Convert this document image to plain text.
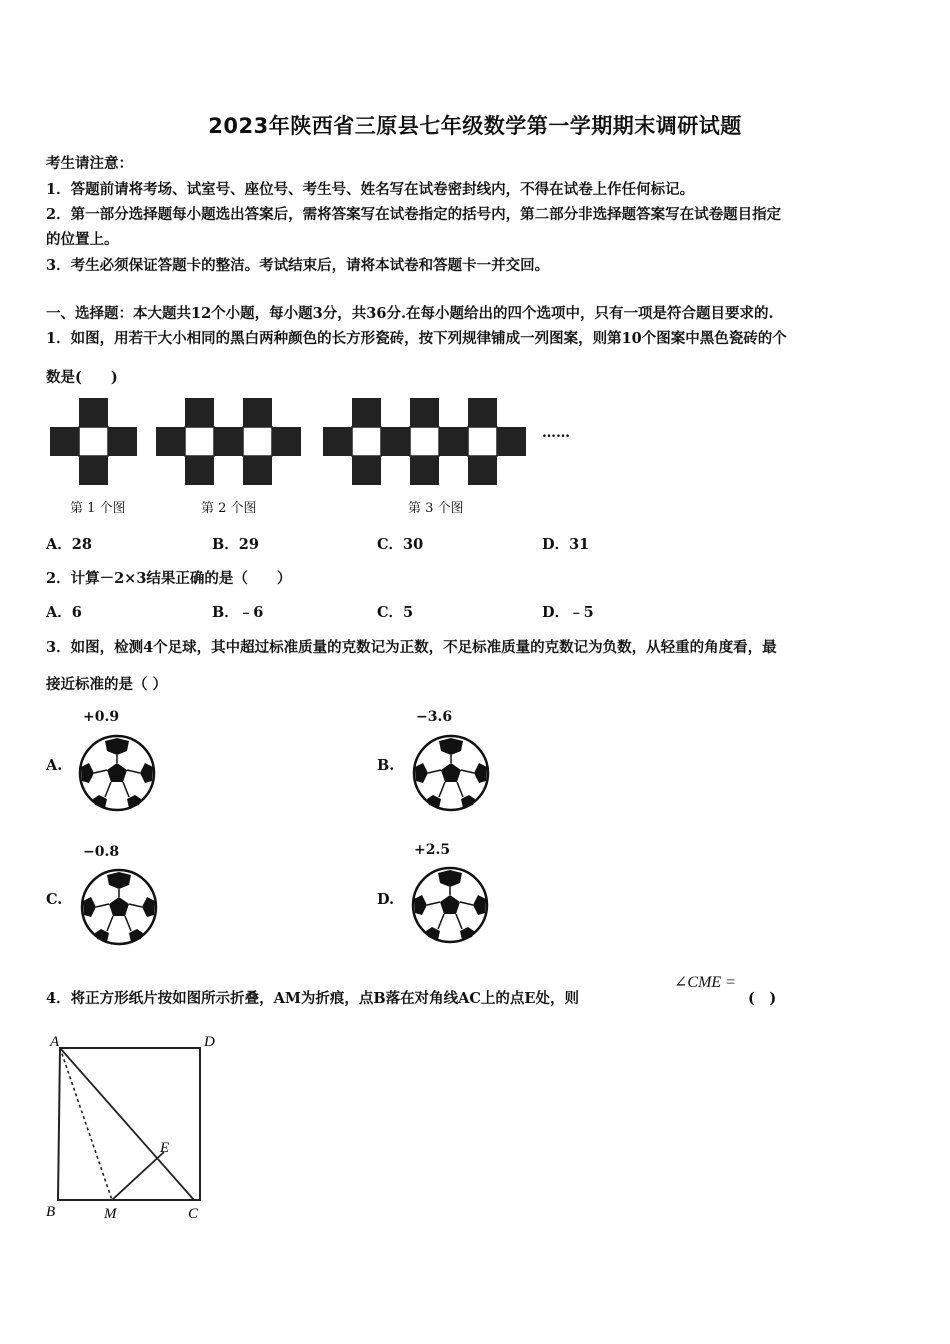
2023年陕西省三原县七年级数学第一学期期末调研试题
考生请注意：
1．答题前请将考场、试室号、座位号、考生号、姓名写在试卷密封线内，不得在试卷上作任何标记。
2．第一部分选择题每小题选出答案后，需将答案写在试卷指定的括号内，第二部分非选择题答案写在试卷题目指定
的位置上。
3．考生必须保证答题卡的整洁。考试结束后，请将本试卷和答题卡一并交回。
一、选择题：本大题共12个小题，每小题3分，共36分.在每小题给出的四个选项中，只有一项是符合题目要求的.
1．如图，用若干大小相同的黑白两种颜色的长方形瓷砖，按下列规律铺成一列图案，则第10个图案中黑色瓷砖的个
数是(　　)
……
第 1 个图	第 2 个图	第 3 个图
A．28	B．29	C．30	D．31
2．计算－2×3结果正确的是（　　）
A．6	B．﹣6	C．5	D．﹣5
3．如图，检测4个足球，其中超过标准质量的克数记为正数，不足标准质量的克数记为负数，从轻重的角度看，最
接近标准的是（ ）
+0.9
A.
−3.6
B.
−0.8
C.
+2.5
D.
4．将正方形纸片按如图所示折叠，AM为折痕，点B落在对角线AC上的点E处，则
∠CME =
(　)
A	D
B	M	C
E
